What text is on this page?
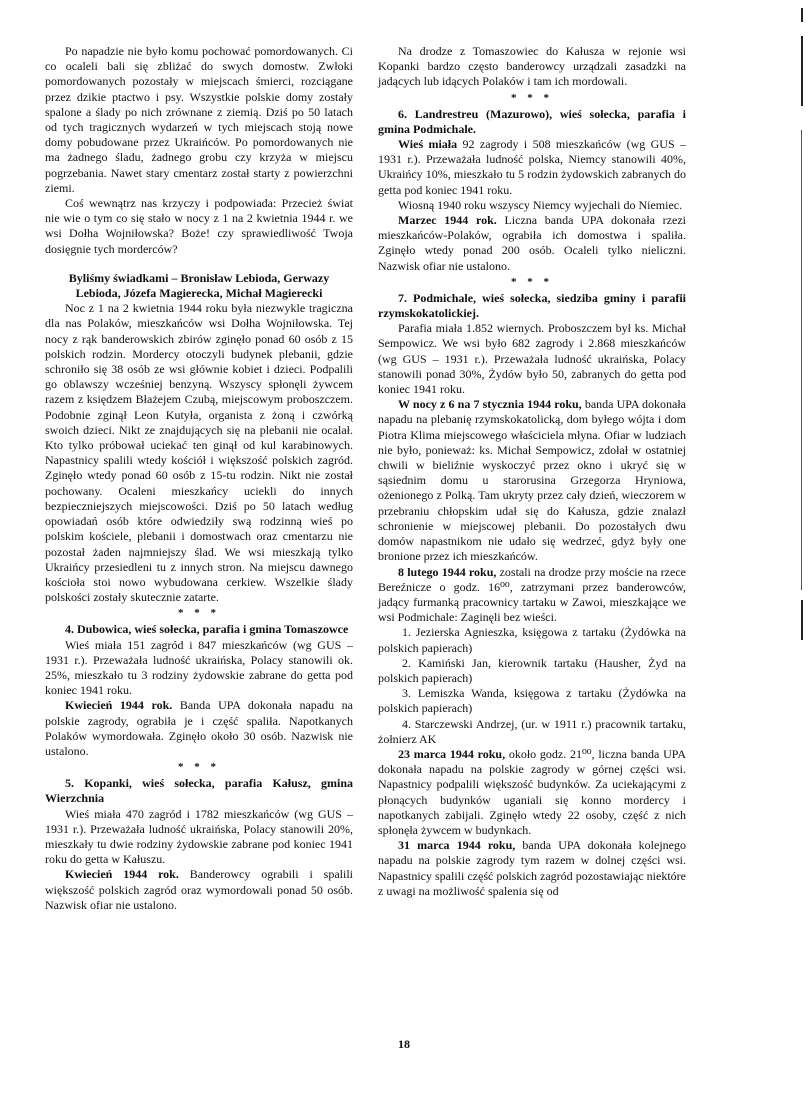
Po napadzie nie było komu pochować pomordowanych. Ci co ocaleli bali się zbliżać do swych domostw. Zwłoki pomordowanych pozostały w miejscach śmierci, rozciągane przez dzikie ptactwo i psy. Wszystkie polskie domy zostały spalone a ślady po nich zrównane z ziemią. Dziś po 50 latach od tych tragicznych wydarzeń w tych miejscach stoją nowe domy pobudowane przez Ukraińców. Po pomordowanych nie ma żadnego śladu, żadnego grobu czy krzyża w miejscu pogrzebania. Nawet stary cmentarz został starty z powierzchni ziemi.

Coś wewnątrz nas krzyczy i podpowiada: Przecież świat nie wie o tym co się stało w nocy z 1 na 2 kwietnia 1944 r. we wsi Dołha Wojniłowska? Boże! czy sprawiedliwość Twoja dosięgnie tych morderców?

Byliśmy świadkami – Bronisław Lebioda, Gerwazy Lebioda, Józefa Magierecka, Michał Magierecki

Noc z 1 na 2 kwietnia 1944 roku była niezwykle tragiczna dla nas Polaków, mieszkańców wsi Dołha Wojniłowska. Tej nocy z rąk banderowskich zbirów zginęło ponad 60 osób z 15 polskich rodzin. Mordercy otoczyli budynek plebanii, gdzie schroniło się 38 osób ze wsi głównie kobiet i dzieci. Podpalili go oblawszy wcześniej benzyną. Wszyscy spłonęli żywcem razem z księdzem Błażejem Czubą, miejscowym proboszczem. Podobnie zginął Leon Kutyła, organista z żoną i czwórką swoich dzieci. Nikt ze znajdujących się na plebanii nie ocalał. Kto tylko próbował uciekać ten ginął od kul karabinowych. Napastnicy spalili wtedy kościół i większość polskich zagród. Zginęło wtedy ponad 60 osób z 15-tu rodzin. Nikt nie został pochowany. Ocaleni mieszkańcy uciekli do innych bezpieczniejszych miejscowości. Dziś po 50 latach według opowiadań osób które odwiedziły swą rodzinną wieś po polskim kościele, plebanii i domostwach oraz cmentarzu nie pozostał żaden najmniejszy ślad. We wsi mieszkają tylko Ukraińcy przesiedleni tu z innych stron. Na miejscu dawnego kościoła stoi nowo wybudowana cerkiew. Wszelkie ślady polskości zostały skutecznie zatarte.

* * *
4. Dubowica, wieś sołecka, parafia i gmina Tomaszowce

Wieś miała 151 zagród i 847 mieszkańców (wg GUS – 1931 r.). Przeważała ludność ukraińska, Polacy stanowili ok. 25%, mieszkało tu 3 rodziny żydowskie zabrane do getta pod koniec 1941 roku.

Kwiecień 1944 rok. Banda UPA dokonała napadu na polskie zagrody, ograbiła je i część spaliła. Napotkanych Polaków wymordowała. Zginęło około 30 osób. Nazwisk nie ustalono.

* * *
5. Kopanki, wieś sołecka, parafia Kałusz, gmina Wierzchnia

Wieś miała 470 zagród i 1782 mieszkańców (wg GUS – 1931 r.). Przeważała ludność ukraińska, Polacy stanowili 20%, mieszkały tu dwie rodziny żydowskie zabrane pod koniec 1941 roku do getta w Kałuszu.

Kwiecień 1944 rok. Banderowcy ograbili i spalili większość polskich zagród oraz wymordowali ponad 50 osób. Nazwisk ofiar nie ustalono.

Na drodze z Tomaszowiec do Kałusza w rejonie wsi Kopanki bardzo często banderowcy urządzali zasadzki na jadących lub idących Polaków i tam ich mordowali.

* * *
6. Landrestreu (Mazurowo), wieś sołecka, parafia i gmina Podmichale.

Wieś miała 92 zagrody i 508 mieszkańców (wg GUS – 1931 r.). Przeważała ludność polska, Niemcy stanowili 40%, Ukraińcy 10%, mieszkało tu 5 rodzin żydowskich zabranych do getta pod koniec 1941 roku.

Wiosną 1940 roku wszyscy Niemcy wyjechali do Niemiec.

Marzec 1944 rok. Liczna banda UPA dokonała rzezi mieszkańców-Polaków, ograbiła ich domostwa i spaliła. Zginęło wtedy ponad 200 osób. Ocaleli tylko nieliczni. Nazwisk ofiar nie ustalono.

* * *
7. Podmichale, wieś sołecka, siedziba gminy i parafii rzymskokatolickiej.

Parafia miała 1.852 wiernych. Proboszczem był ks. Michał Sempowicz. We wsi było 682 zagrody i 2.868 mieszkańców (wg GUS – 1931 r.). Przeważała ludność ukraińska, Polacy stanowili ponad 30%, Żydów było 50, zabranych do getta pod koniec 1941 roku.

W nocy z 6 na 7 stycznia 1944 roku, banda UPA dokonała napadu na plebanię rzymskokatolicką, dom byłego wójta i dom Piotra Klima miejscowego właściciela młyna. Ofiar w ludziach nie było, ponieważ: ks. Michał Sempowicz, zdołał w ostatniej chwili w bieliźnie wyskoczyć przez okno i ukryć się w sąsiednim domu u starorusina Grzegorza Hryniowa, ożenionego z Polką. Tam ukryty przez cały dzień, wieczorem w przebraniu chłopskim udał się do Kałusza, gdzie znalazł schronienie w miejscowej plebanii. Do pozostałych dwu domów napastnikom nie udało się wedrzeć, gdyż były one bronione przez ich mieszkańców.

8 lutego 1944 roku, zostali na drodze przy moście na rzece Bereźnicze o godz. 16⁰⁰, zatrzymani przez banderowców, jadący furmanką pracownicy tartaku w Zawoi, mieszkające we wsi Podmichale: Zaginęli bez wieści.

1. Jezierska Agnieszka, księgowa z tartaku (Żydówka na polskich papierach)

2. Kamiński Jan, kierownik tartaku (Hausher, Żyd na polskich papierach)

3. Lemiszka Wanda, księgowa z tartaku (Żydówka na polskich papierach)

4. Starczewski Andrzej, (ur. w 1911 r.) pracownik tartaku, żołnierz AK

23 marca 1944 roku, około godz. 21⁰⁰, liczna banda UPA dokonała napadu na polskie zagrody w górnej części wsi. Napastnicy podpalili większość budynków. Za uciekającymi z płonących budynków uganiali się konno mordercy i napotkanych zabijali. Zginęło wtedy 22 osoby, część z nich spłonęła żywcem w budynkach.

31 marca 1944 roku, banda UPA dokonała kolejnego napadu na polskie zagrody tym razem w dolnej części wsi. Napastnicy spalili część polskich zagród pozostawiając niektóre z uwagi na możliwość spalenia się od

18
